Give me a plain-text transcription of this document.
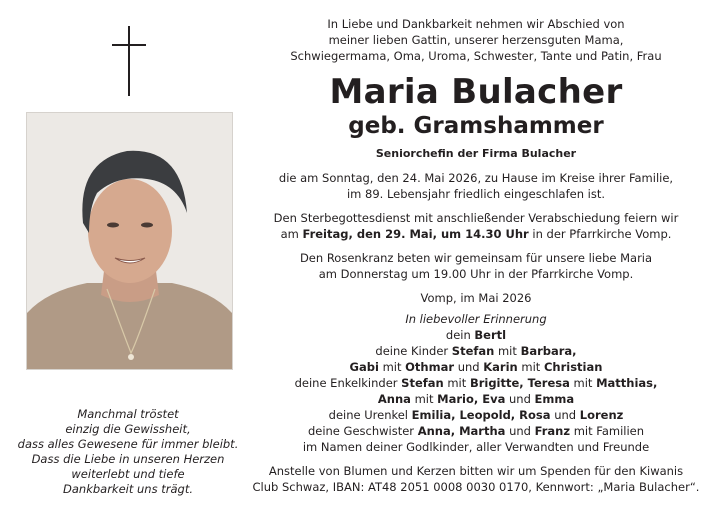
Manchmal tröstet
einzig die Gewissheit,
dass alles Gewesene für immer bleibt.
Dass die Liebe in unseren Herzen
weiterlebt und tiefe
Dankbarkeit uns trägt.
In Liebe und Dankbarkeit nehmen wir Abschied von
meiner lieben Gattin, unserer herzensguten Mama,
Schwiegermama, Oma, Uroma, Schwester, Tante und Patin, Frau
Maria Bulacher
geb. Gramshammer
Seniorchefin der Firma Bulacher
die am Sonntag, den 24. Mai 2026, zu Hause im Kreise ihrer Familie,
im 89. Lebensjahr friedlich eingeschlafen ist.
Den Sterbegottesdienst mit anschließender Verabschiedung feiern wir
am Freitag, den 29. Mai, um 14.30 Uhr in der Pfarrkirche Vomp.
Den Rosenkranz beten wir gemeinsam für unsere liebe Maria
am Donnerstag um 19.00 Uhr in der Pfarrkirche Vomp.
Vomp, im Mai 2026
In liebevoller Erinnerung
dein Bertl
deine Kinder Stefan mit Barbara,
Gabi mit Othmar und Karin mit Christian
deine Enkelkinder Stefan mit Brigitte, Teresa mit Matthias,
Anna mit Mario, Eva und Emma
deine Urenkel Emilia, Leopold, Rosa und Lorenz
deine Geschwister Anna, Martha und Franz mit Familien
im Namen deiner Godlkinder, aller Verwandten und Freunde
Anstelle von Blumen und Kerzen bitten wir um Spenden für den Kiwanis
Club Schwaz, IBAN: AT48 2051 0008 0030 0170, Kennwort: „Maria Bulacher“.
